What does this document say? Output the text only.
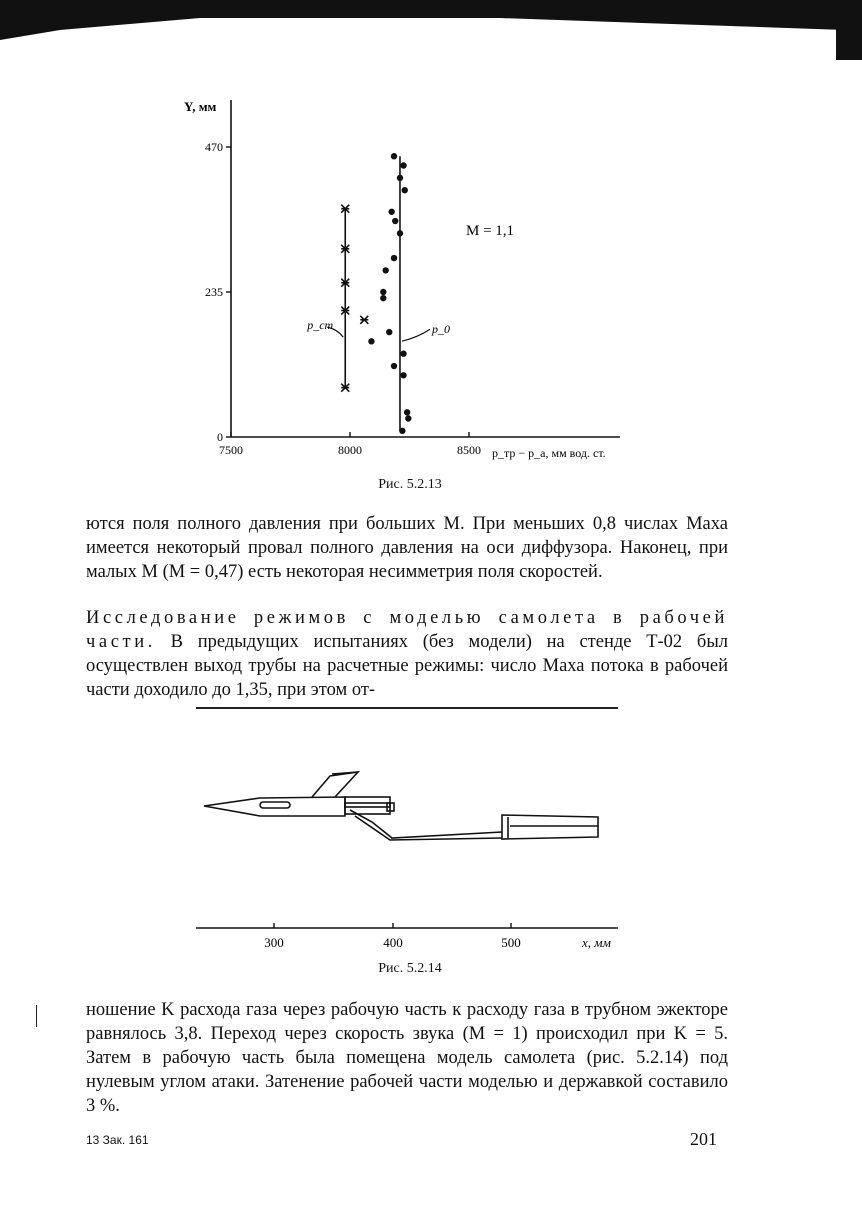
Y, мм
0
235
470
7500	8000	8500
p_ст	p_0
M = 1,1
p_тр − p_a, мм вод. ст.
Рис. 5.2.13

ются поля полного давления при больших М. При меньших 0,8 числах Маха имеется некоторый провал полного давления на оси диффузора. Наконец, при малых М (М = 0,47) есть некоторая несимметрия поля скоростей.

Исследование режимов с моделью самолета в рабочей части. В предыдущих испытаниях (без модели) на стенде Т-02 был осуществлен выход трубы на расчетные режимы: число Маха потока в рабочей части доходило до 1,35, при этом от-

300	400	500	x, мм
Рис. 5.2.14

ношение K расхода газа через рабочую часть к расходу газа в трубном эжекторе равнялось 3,8. Переход через скорость звука (М = 1) происходил при K = 5. Затем в рабочую часть была помещена модель самолета (рис. 5.2.14) под нулевым углом атаки. Затенение рабочей части моделью и державкой составило 3 %.

13 Зак. 161	201
